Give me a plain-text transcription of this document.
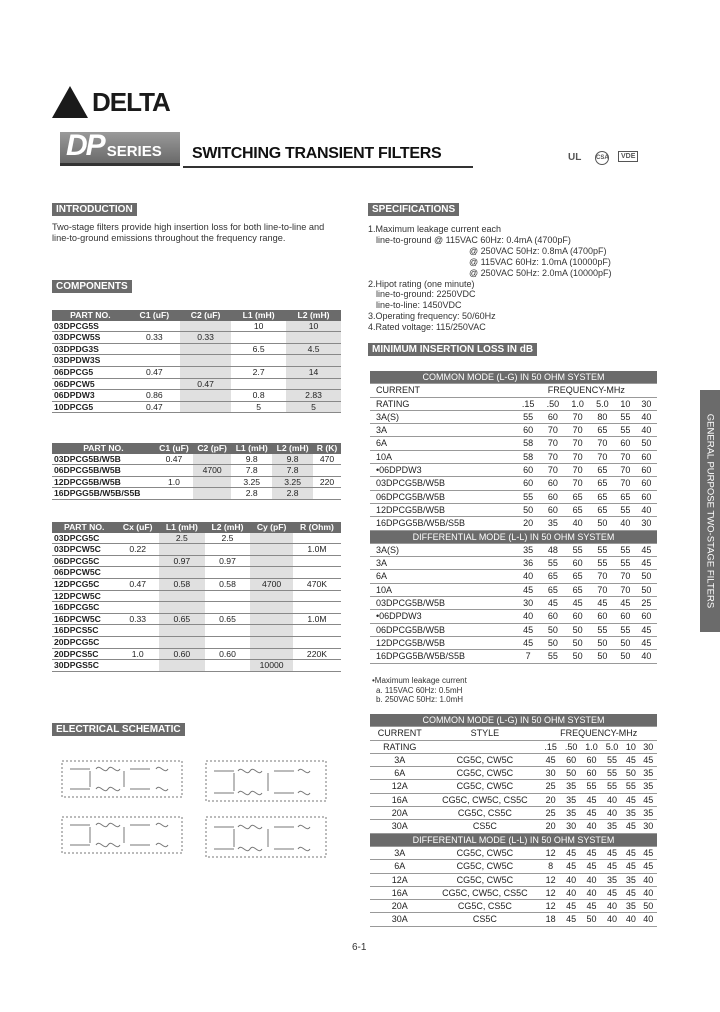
DELTA
DP SERIES SWITCHING TRANSIENT FILTERS	UL CSA	VDE
INTRODUCTION
Two-stage filters provide high insertion loss for both line-to-line and line-to-ground emissions throughout the frequency range.
COMPONENTS
PART NO.	C1 (uF)	C2 (uF)	L1 (mH)	L2 (mH)
03DPCG5S			10	10
03DPCW5S	0.33	0.33		
03DPDG3S			6.5	4.5
03DPDW3S				
06DPCG5	0.47		2.7	14
06DPCW5		0.47		
06DPDW3	0.86		0.8	2.83
10DPCG5	0.47		5	5
PART NO.	C1 (uF)	C2 (pF)	L1 (mH)	L2 (mH)	R (K)
03DPCG5B/W5B	0.47		9.8	9.8	470
06DPCG5B/W5B		4700	7.8	7.8	
12DPCG5B/W5B	1.0		3.25	3.25	220
16DPGG5B/W5B/S5B			2.8	2.8	
PART NO.	Cx (uF)	L1 (mH)	L2 (mH)	Cy (pF)	R (Ohm)
03DPCG5C		2.5	2.5		
03DPCW5C	0.22				1.0M
06DPCG5C		0.97	0.97		
06DPCW5C					
12DPCG5C	0.47	0.58	0.58	4700	470K
12DPCW5C					
16DPCG5C					
16DPCW5C	0.33	0.65	0.65		1.0M
16DPCS5C					
20DPCG5C					
20DPCS5C	1.0	0.60	0.60		220K
30DPGS5C				10000	
ELECTRICAL SCHEMATIC
SPECIFICATIONS
1.Maximum leakage current each
line-to-ground @ 115VAC 60Hz: 0.4mA (4700pF)
@ 250VAC 50Hz: 0.8mA (4700pF)
@ 115VAC 60Hz: 1.0mA (10000pF)
@ 250VAC 50Hz: 2.0mA (10000pF)
2.Hipot rating (one minute)
line-to-ground: 2250VDC
line-to-line: 1450VDC
3.Operating frequency: 50/60Hz
4.Rated voltage: 115/250VAC
MINIMUM INSERTION LOSS IN dB
COMMON MODE (L-G) IN 50 OHM SYSTEM						
CURRENT	FREQUENCY-MHz					
RATING	.15	.50	1.0	5.0	10	30
3A(S)	55	60	70	80	55	40
3A	60	70	70	65	55	40
6A	58	70	70	70	60	50
10A	58	70	70	70	70	60
•06DPDW3	60	70	70	65	70	60
03DPCG5B/W5B	60	60	70	65	70	60
06DPCG5B/W5B	55	60	65	65	65	60
12DPCG5B/W5B	50	60	65	65	55	40
16DPGG5B/W5B/S5B	20	35	40	50	40	30
DIFFERENTIAL MODE (L-L) IN 50 OHM SYSTEM						
3A(S)	35	48	55	55	55	45
3A	36	55	60	55	55	45
6A	40	65	65	70	70	50
10A	45	65	65	70	70	50
03DPCG5B/W5B	30	45	45	45	45	25
•06DPDW3	40	60	60	60	60	60
06DPCG5B/W5B	45	50	50	55	55	45
12DPCG5B/W5B	45	50	50	50	50	45
16DPGG5B/W5B/S5B	7	55	50	50	50	40
•Maximum leakage current
a. 115VAC 60Hz: 0.5mH
b. 250VAC 50Hz: 1.0mH
COMMON MODE (L-G) IN 50 OHM SYSTEM							
CURRENT	STYLE	FREQUENCY-MHz					
RATING		.15	.50	1.0	5.0	10	30
3A	CG5C, CW5C	45	60	60	55	45	45
6A	CG5C, CW5C	30	50	60	55	50	35
12A	CG5C, CW5C	25	35	55	55	55	35
16A	CG5C, CW5C, CS5C	20	35	45	40	45	45
20A	CG5C, CS5C	25	35	45	40	35	35
30A	CS5C	20	30	40	35	45	30
DIFFERENTIAL MODE (L-L) IN 50 OHM SYSTEM							
3A	CG5C, CW5C	12	45	45	45	45	45
6A	CG5C, CW5C	8	45	45	45	45	45
12A	CG5C, CW5C	12	40	40	35	35	40
16A	CG5C, CW5C, CS5C	12	40	40	45	45	40
20A	CG5C, CS5C	12	45	45	40	35	50
30A	CS5C	18	45	50	40	40	40
GENERAL PURPOSE TWO-STAGE FILTERS
6-1
